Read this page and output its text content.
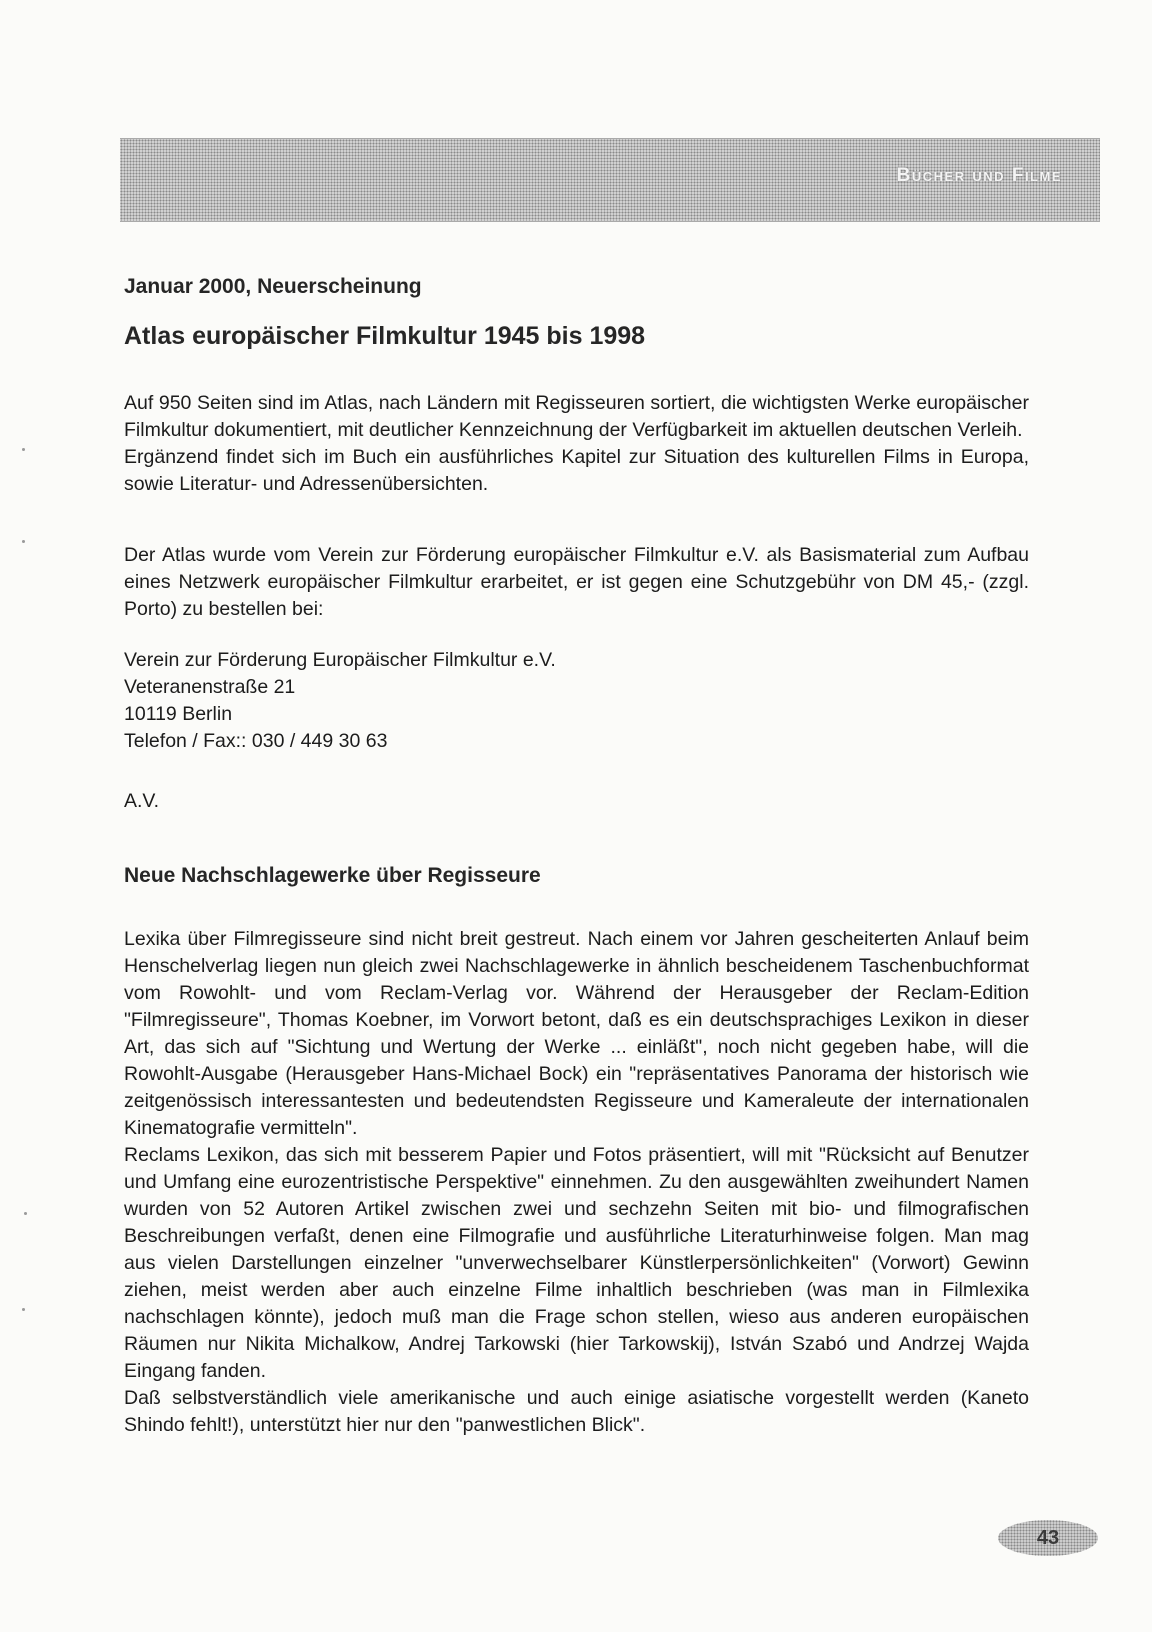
Bücher und Filme
Januar 2000, Neuerscheinung
Atlas europäischer Filmkultur 1945 bis 1998

Auf 950 Seiten sind im Atlas, nach Ländern mit Regisseuren sortiert, die wichtigsten Werke europäischer Filmkultur dokumentiert, mit deutlicher Kennzeichnung der Verfügbarkeit im aktuellen deutschen Verleih.

Ergänzend findet sich im Buch ein ausführliches Kapitel zur Situation des kulturellen Films in Europa, sowie Literatur- und Adressenübersichten.

Der Atlas wurde vom Verein zur Förderung europäischer Filmkultur e.V. als Basismaterial zum Aufbau eines Netzwerk europäischer Filmkultur erarbeitet, er ist gegen eine Schutzgebühr von DM 45,- (zzgl. Porto) zu bestellen bei:

Verein zur Förderung Europäischer Filmkultur e.V.
Veteranenstraße 21
10119 Berlin
Telefon / Fax:: 030 / 449 30 63
A.V.
Neue Nachschlagewerke über Regisseure

Lexika über Filmregisseure sind nicht breit gestreut. Nach einem vor Jahren gescheiterten Anlauf beim Henschelverlag liegen nun gleich zwei Nachschlagewerke in ähnlich bescheidenem Taschenbuchformat vom Rowohlt- und vom Reclam-Verlag vor. Während der Herausgeber der Reclam-Edition "Filmregisseure", Thomas Koebner, im Vorwort betont, daß es ein deutschsprachiges Lexikon in dieser Art, das sich auf "Sichtung und Wertung der Werke ... einläßt", noch nicht gegeben habe, will die Rowohlt-Ausgabe (Herausgeber Hans-Michael Bock) ein "repräsentatives Panorama der historisch wie zeitgenössisch interessantesten und bedeutendsten Regisseure und Kameraleute der internationalen Kinematografie vermitteln".

Reclams Lexikon, das sich mit besserem Papier und Fotos präsentiert, will mit "Rücksicht auf Benutzer und Umfang eine eurozentristische Perspektive" einnehmen. Zu den ausgewählten zweihundert Namen wurden von 52 Autoren Artikel zwischen zwei und sechzehn Seiten mit bio- und filmografischen Beschreibungen verfaßt, denen eine Filmografie und ausführliche Literaturhinweise folgen. Man mag aus vielen Darstellungen einzelner "unverwechselbarer Künstlerpersönlichkeiten" (Vorwort) Gewinn ziehen, meist werden aber auch einzelne Filme inhaltlich beschrieben (was man in Filmlexika nachschlagen könnte), jedoch muß man die Frage schon stellen, wieso aus anderen europäischen Räumen nur Nikita Michalkow, Andrej Tarkowski (hier Tarkowskij), István Szabó und Andrzej Wajda Eingang fanden.

Daß selbstverständlich viele amerikanische und auch einige asiatische vorgestellt werden (Kaneto Shindo fehlt!), unterstützt hier nur den "panwestlichen Blick".

43
